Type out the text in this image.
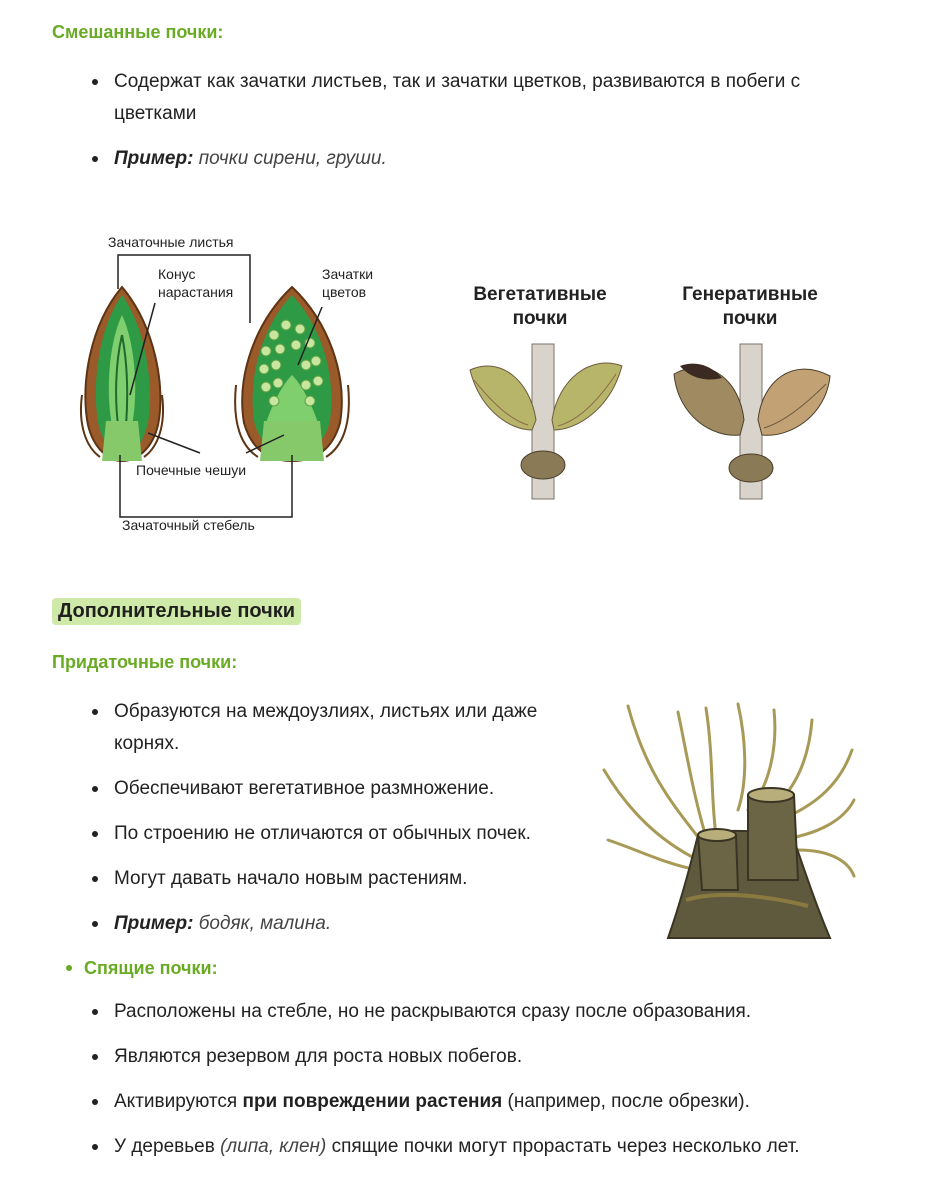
Смешанные почки:
Содержат как зачатки листьев, так и зачатки цветков, развиваются в побеги с цветками
Пример: почки сирени, груши.
Зачаточные листья
Конус
нарастания
Зачатки
цветов
Почечные чешуи
Зачаточный стебель
Вегетативные
почки
Генеративные
почки
Дополнительные почки
Придаточные почки:
Образуются на междоузлиях, листьях или даже корнях.
Обеспечивают вегетативное размножение.
По строению не отличаются от обычных почек.
Могут давать начало новым растениям.
Пример: бодяк, малина.
Спящие почки:
Расположены на стебле, но не раскрываются сразу после образования.
Являются резервом для роста новых побегов.
Активируются при повреждении растения (например, после обрезки).
У деревьев (липа, клен) спящие почки могут прорастать через несколько лет.
